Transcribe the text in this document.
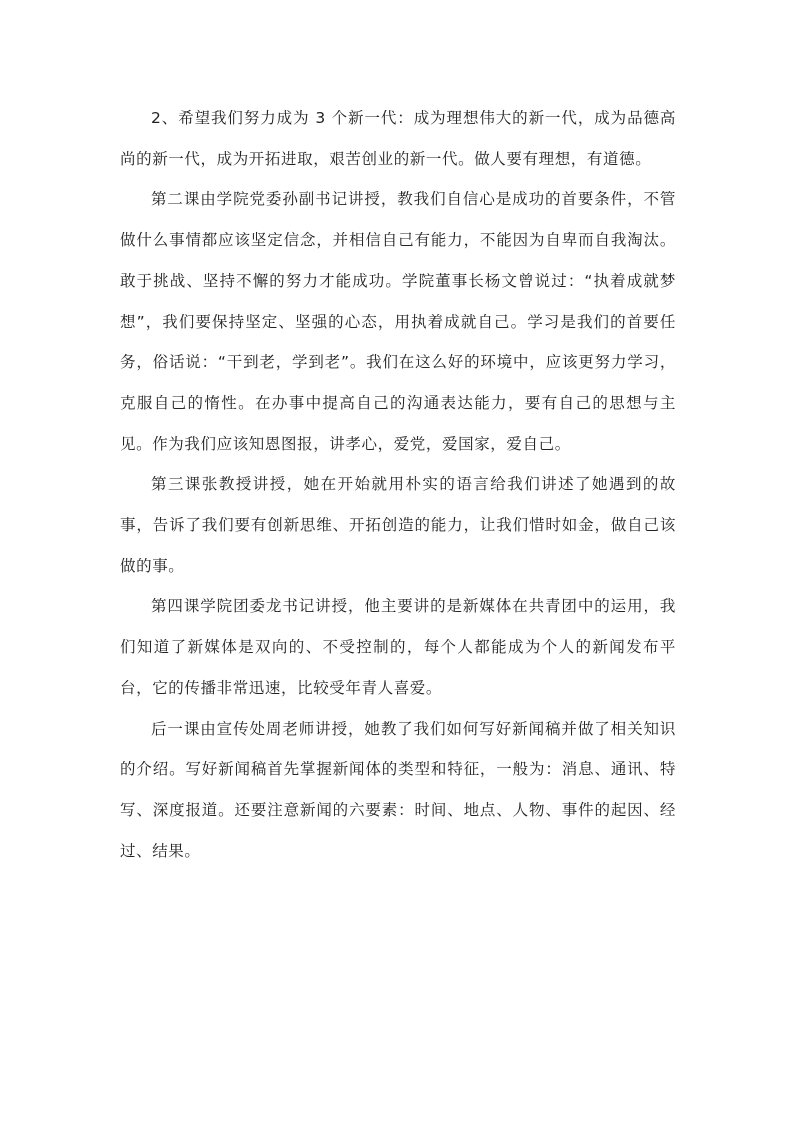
2、希望我们努力成为 3 个新一代：成为理想伟大的新一代，成为品德高尚的新一代，成为开拓进取，艰苦创业的新一代。做人要有理想，有道德。

第二课由学院党委孙副书记讲授，教我们自信心是成功的首要条件，不管做什么事情都应该坚定信念，并相信自己有能力，不能因为自卑而自我淘汰。敢于挑战、坚持不懈的努力才能成功。学院董事长杨文曾说过：“执着成就梦想”，我们要保持坚定、坚强的心态，用执着成就自己。学习是我们的首要任务，俗话说：“干到老，学到老”。我们在这么好的环境中，应该更努力学习，克服自己的惰性。在办事中提高自己的沟通表达能力，要有自己的思想与主见。作为我们应该知恩图报，讲孝心，爱党，爱国家，爱自己。

第三课张教授讲授，她在开始就用朴实的语言给我们讲述了她遇到的故事，告诉了我们要有创新思维、开拓创造的能力，让我们惜时如金，做自己该做的事。

第四课学院团委龙书记讲授，他主要讲的是新媒体在共青团中的运用，我们知道了新媒体是双向的、不受控制的，每个人都能成为个人的新闻发布平台，它的传播非常迅速，比较受年青人喜爱。

后一课由宣传处周老师讲授，她教了我们如何写好新闻稿并做了相关知识的介绍。写好新闻稿首先掌握新闻体的类型和特征，一般为：消息、通讯、特写、深度报道。还要注意新闻的六要素：时间、地点、人物、事件的起因、经过、结果。
